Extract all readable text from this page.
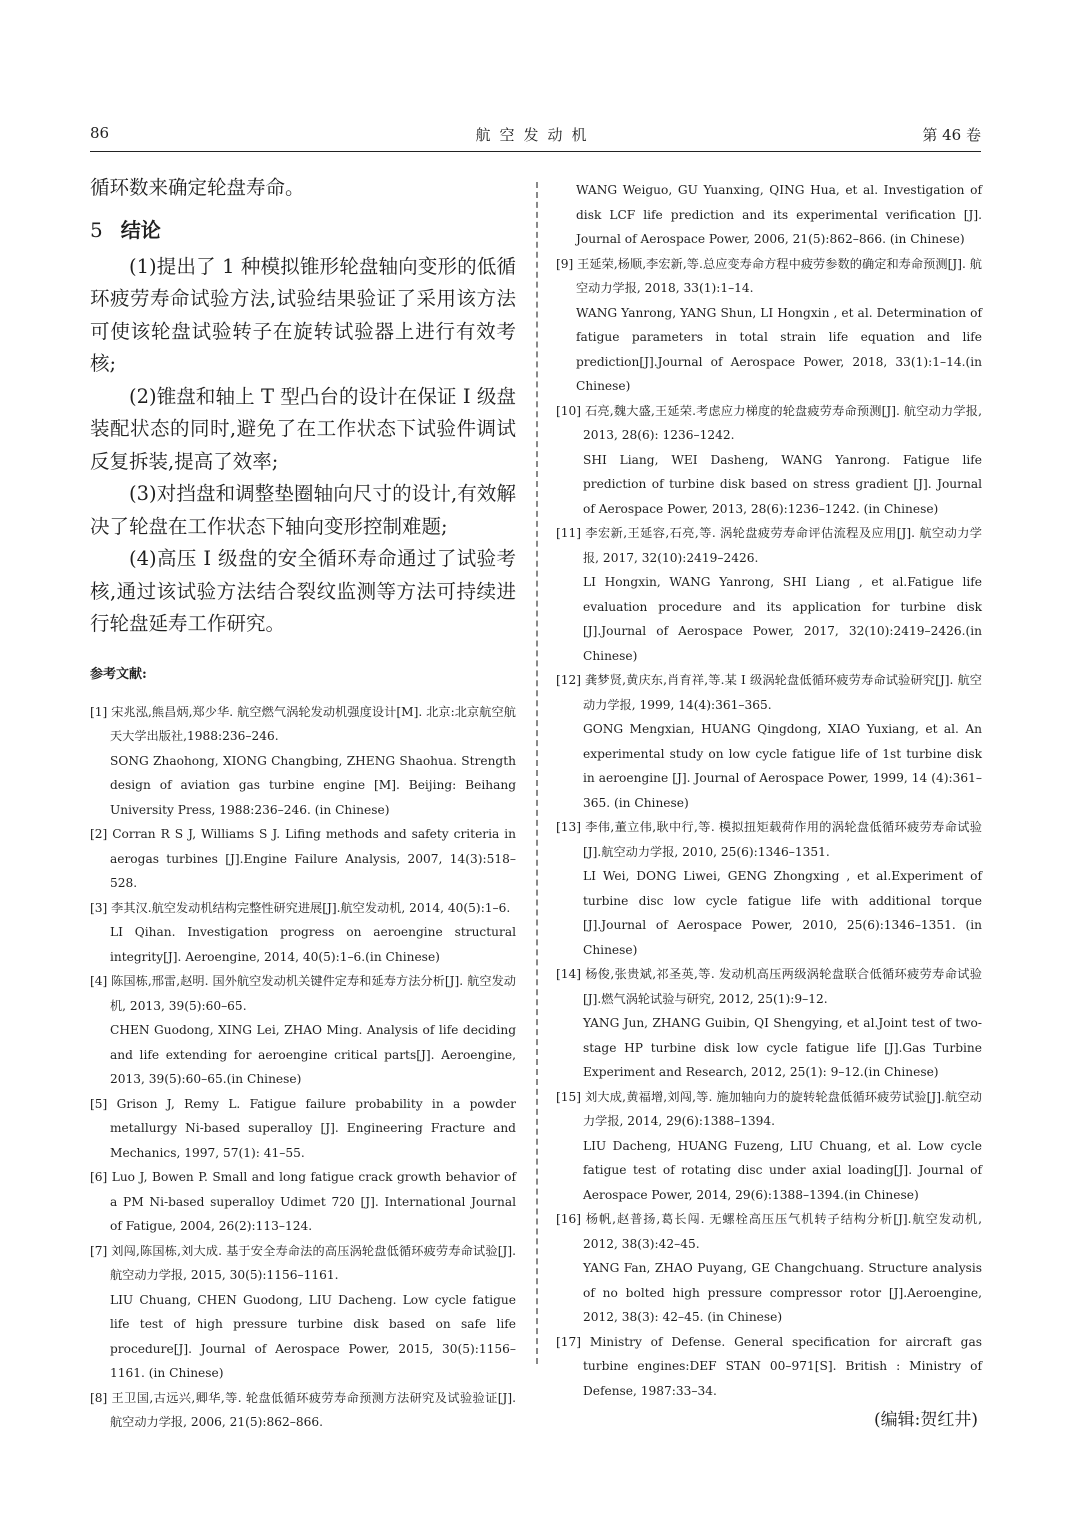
86	航空发动机	第 46 卷

循环数来确定轮盘寿命。

5 结论

(1)提出了 1 种模拟锥形轮盘轴向变形的低循环疲劳寿命试验方法,试验结果验证了采用该方法可使该轮盘试验转子在旋转试验器上进行有效考核;

(2)锥盘和轴上 T 型凸台的设计在保证 Ⅰ 级盘装配状态的同时,避免了在工作状态下试验件调试反复拆装,提高了效率;

(3)对挡盘和调整垫圈轴向尺寸的设计,有效解决了轮盘在工作状态下轴向变形控制难题;

(4)高压 Ⅰ 级盘的安全循环寿命通过了试验考核,通过该试验方法结合裂纹监测等方法可持续进行轮盘延寿工作研究。

参考文献:
[1] 宋兆泓,熊昌炳,郑少华. 航空燃气涡轮发动机强度设计[M]. 北京:北京航空航天大学出版社,1988:236–246.
SONG Zhaohong, XIONG Changbing, ZHENG Shaohua. Strength design of aviation gas turbine engine [M]. Beijing: Beihang University Press, 1988:236–246. (in Chinese)
[2] Corran R S J, Williams S J. Lifing methods and safety criteria in aerogas turbines [J].Engine Failure Analysis, 2007, 14(3):518–528.
[3] 李其汉.航空发动机结构完整性研究进展[J].航空发动机, 2014, 40(5):1–6.
LI Qihan. Investigation progress on aeroengine structural integrity[J]. Aeroengine, 2014, 40(5):1–6.(in Chinese)
[4] 陈国栋,邢雷,赵明. 国外航空发动机关键件定寿和延寿方法分析[J]. 航空发动机, 2013, 39(5):60–65.
CHEN Guodong, XING Lei, ZHAO Ming. Analysis of life deciding and life extending for aeroengine critical parts[J]. Aeroengine, 2013, 39(5):60–65.(in Chinese)
[5] Grison J, Remy L. Fatigue failure probability in a powder metallurgy Ni-based superalloy [J]. Engineering Fracture and Mechanics, 1997, 57(1): 41–55.
[6] Luo J, Bowen P. Small and long fatigue crack growth behavior of a PM Ni-based superalloy Udimet 720 [J]. International Journal of Fatigue, 2004, 26(2):113–124.
[7] 刘闯,陈国栋,刘大成. 基于安全寿命法的高压涡轮盘低循环疲劳寿命试验[J]. 航空动力学报, 2015, 30(5):1156–1161.
LIU Chuang, CHEN Guodong, LIU Dacheng. Low cycle fatigue life test of high pressure turbine disk based on safe life procedure[J]. Journal of Aerospace Power, 2015, 30(5):1156–1161. (in Chinese)
[8] 王卫国,古远兴,卿华,等. 轮盘低循环疲劳寿命预测方法研究及试验验证[J]. 航空动力学报, 2006, 21(5):862–866.
WANG Weiguo, GU Yuanxing, QING Hua, et al. Investigation of disk LCF life prediction and its experimental verification [J]. Journal of Aerospace Power, 2006, 21(5):862–866. (in Chinese)
[9] 王延荣,杨顺,李宏新,等.总应变寿命方程中疲劳参数的确定和寿命预测[J]. 航空动力学报, 2018, 33(1):1–14.
WANG Yanrong, YANG Shun, LI Hongxin , et al. Determination of fatigue parameters in total strain life equation and life prediction[J].Journal of Aerospace Power, 2018, 33(1):1–14.(in Chinese)
[10] 石亮,魏大盛,王延荣.考虑应力梯度的轮盘疲劳寿命预测[J]. 航空动力学报, 2013, 28(6): 1236–1242.
SHI Liang, WEI Dasheng, WANG Yanrong. Fatigue life prediction of turbine disk based on stress gradient [J]. Journal of Aerospace Power, 2013, 28(6):1236–1242. (in Chinese)
[11] 李宏新,王延容,石亮,等. 涡轮盘疲劳寿命评估流程及应用[J]. 航空动力学报, 2017, 32(10):2419–2426.
LI Hongxin, WANG Yanrong, SHI Liang , et al.Fatigue life evaluation procedure and its application for turbine disk [J].Journal of Aerospace Power, 2017, 32(10):2419–2426.(in Chinese)
[12] 龚梦贤,黄庆东,肖育祥,等.某 Ⅰ 级涡轮盘低循环疲劳寿命试验研究[J]. 航空动力学报, 1999, 14(4):361–365.
GONG Mengxian, HUANG Qingdong, XIAO Yuxiang, et al. An experimental study on low cycle fatigue life of 1st turbine disk in aeroengine [J]. Journal of Aerospace Power, 1999, 14 (4):361–365. (in Chinese)
[13] 李伟,董立伟,耿中行,等. 模拟扭矩载荷作用的涡轮盘低循环疲劳寿命试验[J].航空动力学报, 2010, 25(6):1346–1351.
LI Wei, DONG Liwei, GENG Zhongxing , et al.Experiment of turbine disc low cycle fatigue life with additional torque [J].Journal of Aerospace Power, 2010, 25(6):1346–1351. (in Chinese)
[14] 杨俊,张贵斌,祁圣英,等. 发动机高压两级涡轮盘联合低循环疲劳寿命试验[J].燃气涡轮试验与研究, 2012, 25(1):9–12.
YANG Jun, ZHANG Guibin, QI Shengying, et al.Joint test of two-stage HP turbine disk low cycle fatigue life [J].Gas Turbine Experiment and Research, 2012, 25(1): 9–12.(in Chinese)
[15] 刘大成,黄福增,刘闯,等. 施加轴向力的旋转轮盘低循环疲劳试验[J].航空动力学报, 2014, 29(6):1388–1394.
LIU Dacheng, HUANG Fuzeng, LIU Chuang, et al. Low cycle fatigue test of rotating disc under axial loading[J]. Journal of Aerospace Power, 2014, 29(6):1388–1394.(in Chinese)
[16] 杨帆,赵普扬,葛长闯. 无螺栓高压压气机转子结构分析[J].航空发动机, 2012, 38(3):42–45.
YANG Fan, ZHAO Puyang, GE Changchuang. Structure analysis of no bolted high pressure compressor rotor [J].Aeroengine, 2012, 38(3): 42–45. (in Chinese)
[17] Ministry of Defense. General specification for aircraft gas turbine engines:DEF STAN 00–971[S]. British : Ministry of Defense, 1987:33–34.
(编辑:贺红井)
